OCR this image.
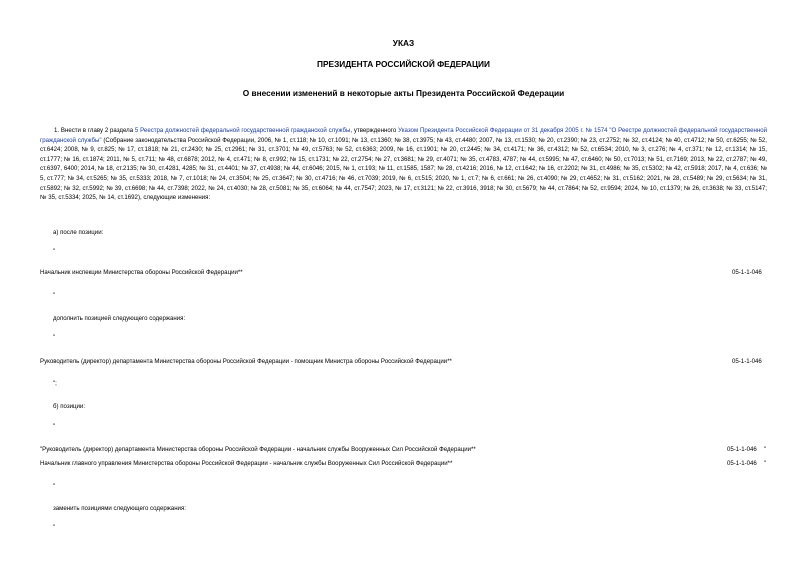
УКАЗ
ПРЕЗИДЕНТА РОССИЙСКОЙ ФЕДЕРАЦИИ
О внесении изменений в некоторые акты Президента Российской Федерации
1. Внести в главу 2 раздела 5 Реестра должностей федеральной государственной гражданской службы, утвержденного Указом Президента Российской Федерации от 31 декабря 2005 г. № 1574 "О Реестре должностей федеральной государственной гражданской службы" (Собрание законодательства Российской Федерации, 2006, № 1, ст.118; № 10, ст.1091; № 13, ст.1360; № 38, ст.3975; № 43, ст.4480; 2007, № 13, ст.1530; № 20, ст.2390; № 23, ст.2752; № 32, ст.4124; № 40, ст.4712; № 50, ст.6255; № 52, ст.6424; 2008, № 9, ст.825; № 17, ст.1818; № 21, ст.2430; № 25, ст.2961; № 31, ст.3701; № 49, ст.5763; № 52, ст.6363; 2009, № 16, ст.1901; № 20, ст.2445; № 34, ст.4171; № 36, ст.4312; № 52, ст.6534; 2010, № 3, ст.276; № 4, ст.371; № 12, ст.1314; № 15, ст.1777; № 16, ст.1874; 2011, № 5, ст.711; № 48, ст.6878; 2012, № 4, ст.471; № 8, ст.992; № 15, ст.1731; № 22, ст.2754; № 27, ст.3681; № 29, ст.4071; № 35, ст.4783, 4787; № 44, ст.5995; № 47, ст.6460; № 50, ст.7013; № 51, ст.7169; 2013, № 22, ст.2787; № 49, ст.6397, 6400; 2014, № 18, ст.2135; № 30, ст.4281, 4285; № 31, ст.4401; № 37, ст.4938; № 44, ст.6046; 2015, № 1, ст.193; № 11, ст.1585, 1587; № 28, ст.4216; 2016, № 12, ст.1642; № 16, ст.2202; № 31, ст.4986; № 35, ст.5302; № 42, ст.5918; 2017, № 4, ст.636; № 5, ст.777; № 34, ст.5265; № 35, ст.5333; 2018, № 7, ст.1018; № 24, ст.3504; № 25, ст.3647; № 30, ст.4716; № 46, ст.7039; 2019, № 6, ст.515; 2020, № 1, ст.7; № 6, ст.661; № 26, ст.4090; № 29, ст.4652; № 31, ст.5162; 2021, № 28, ст.5489; № 29, ст.5634; № 31, ст.5892; № 32, ст.5992; № 39, ст.6698; № 44, ст.7398; 2022, № 24, ст.4030; № 28, ст.5081; № 35, ст.6064; № 44, ст.7547; 2023, № 17, ст.3121; № 22, ст.3916, 3918; № 30, ст.5679; № 44, ст.7864; № 52, ст.9594; 2024, № 10, ст.1379; № 26, ст.3638; № 33, ст.5147; № 35, ст.5334; 2025, № 14, ст.1692), следующие изменения:
а) после позиции:
"
Начальник инспекции Министерства обороны Российской Федерации**	05-1-1-046
"
дополнить позицией следующего содержания:
"
Руководитель (директор) департамента Министерства обороны Российской Федерации - помощник Министра обороны Российской Федерации**	05-1-1-046
";
б) позиции:
"
"Руководитель (директор) департамента Министерства обороны Российской Федерации - начальник службы Вооруженных Сил Российской Федерации**	05-1-1-046 "
Начальник главного управления Министерства обороны Российской Федерации - начальник службы Вооруженных Сил Российской Федерации**	05-1-1-046 "
"
заменить позициями следующего содержания:
"
